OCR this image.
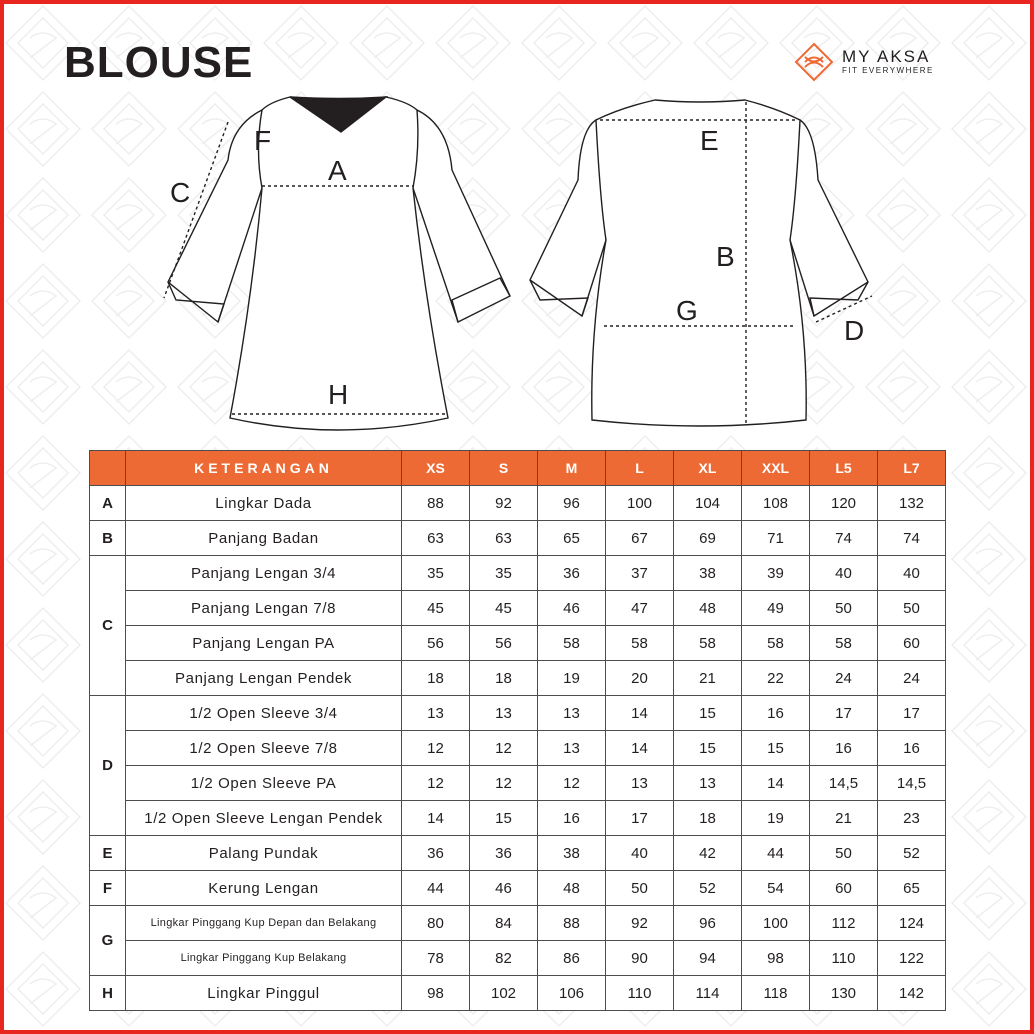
BLOUSE	MY AKSA
FIT EVERYWHERE
A
C
F
H
E
B
G
D
	KETERANGAN	XS	S	M	L	XL	XXL	L5	L7
A	Lingkar Dada	88	92	96	100	104	108	120	132
B	Panjang Badan	63	63	65	67	69	71	74	74
C	Panjang Lengan 3/4	35	35	36	37	38	39	40	40
	Panjang Lengan 7/8	45	45	46	47	48	49	50	50
	Panjang Lengan PA	56	56	58	58	58	58	58	60
	Panjang Lengan Pendek	18	18	19	20	21	22	24	24
D	1/2 Open Sleeve 3/4	13	13	13	14	15	16	17	17
	1/2 Open Sleeve 7/8	12	12	13	14	15	15	16	16
	1/2 Open Sleeve PA	12	12	12	13	13	14	14,5	14,5
	1/2 Open Sleeve Lengan Pendek	14	15	16	17	18	19	21	23
E	Palang Pundak	36	36	38	40	42	44	50	52
F	Kerung Lengan	44	46	48	50	52	54	60	65
G	Lingkar Pinggang Kup Depan dan Belakang	80	84	88	92	96	100	112	124
	Lingkar Pinggang Kup Belakang	78	82	86	90	94	98	110	122
H	Lingkar Pinggul	98	102	106	110	114	118	130	142
